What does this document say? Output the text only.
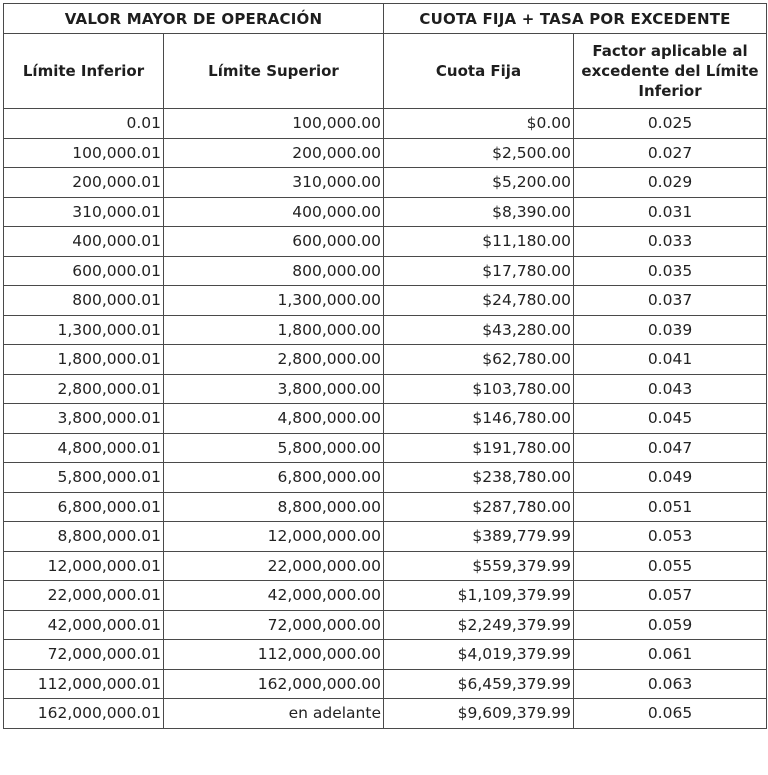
VALOR MAYOR DE OPERACIÓN		CUOTA FIJA + TASA POR EXCEDENTE	
Límite Inferior	Límite Superior	Cuota Fija	Factor aplicable al excedente del Límite Inferior
0.01	100,000.00	$0.00	0.025
100,000.01	200,000.00	$2,500.00	0.027
200,000.01	310,000.00	$5,200.00	0.029
310,000.01	400,000.00	$8,390.00	0.031
400,000.01	600,000.00	$11,180.00	0.033
600,000.01	800,000.00	$17,780.00	0.035
800,000.01	1,300,000.00	$24,780.00	0.037
1,300,000.01	1,800,000.00	$43,280.00	0.039
1,800,000.01	2,800,000.00	$62,780.00	0.041
2,800,000.01	3,800,000.00	$103,780.00	0.043
3,800,000.01	4,800,000.00	$146,780.00	0.045
4,800,000.01	5,800,000.00	$191,780.00	0.047
5,800,000.01	6,800,000.00	$238,780.00	0.049
6,800,000.01	8,800,000.00	$287,780.00	0.051
8,800,000.01	12,000,000.00	$389,779.99	0.053
12,000,000.01	22,000,000.00	$559,379.99	0.055
22,000,000.01	42,000,000.00	$1,109,379.99	0.057
42,000,000.01	72,000,000.00	$2,249,379.99	0.059
72,000,000.01	112,000,000.00	$4,019,379.99	0.061
112,000,000.01	162,000,000.00	$6,459,379.99	0.063
162,000,000.01	en adelante	$9,609,379.99	0.065
